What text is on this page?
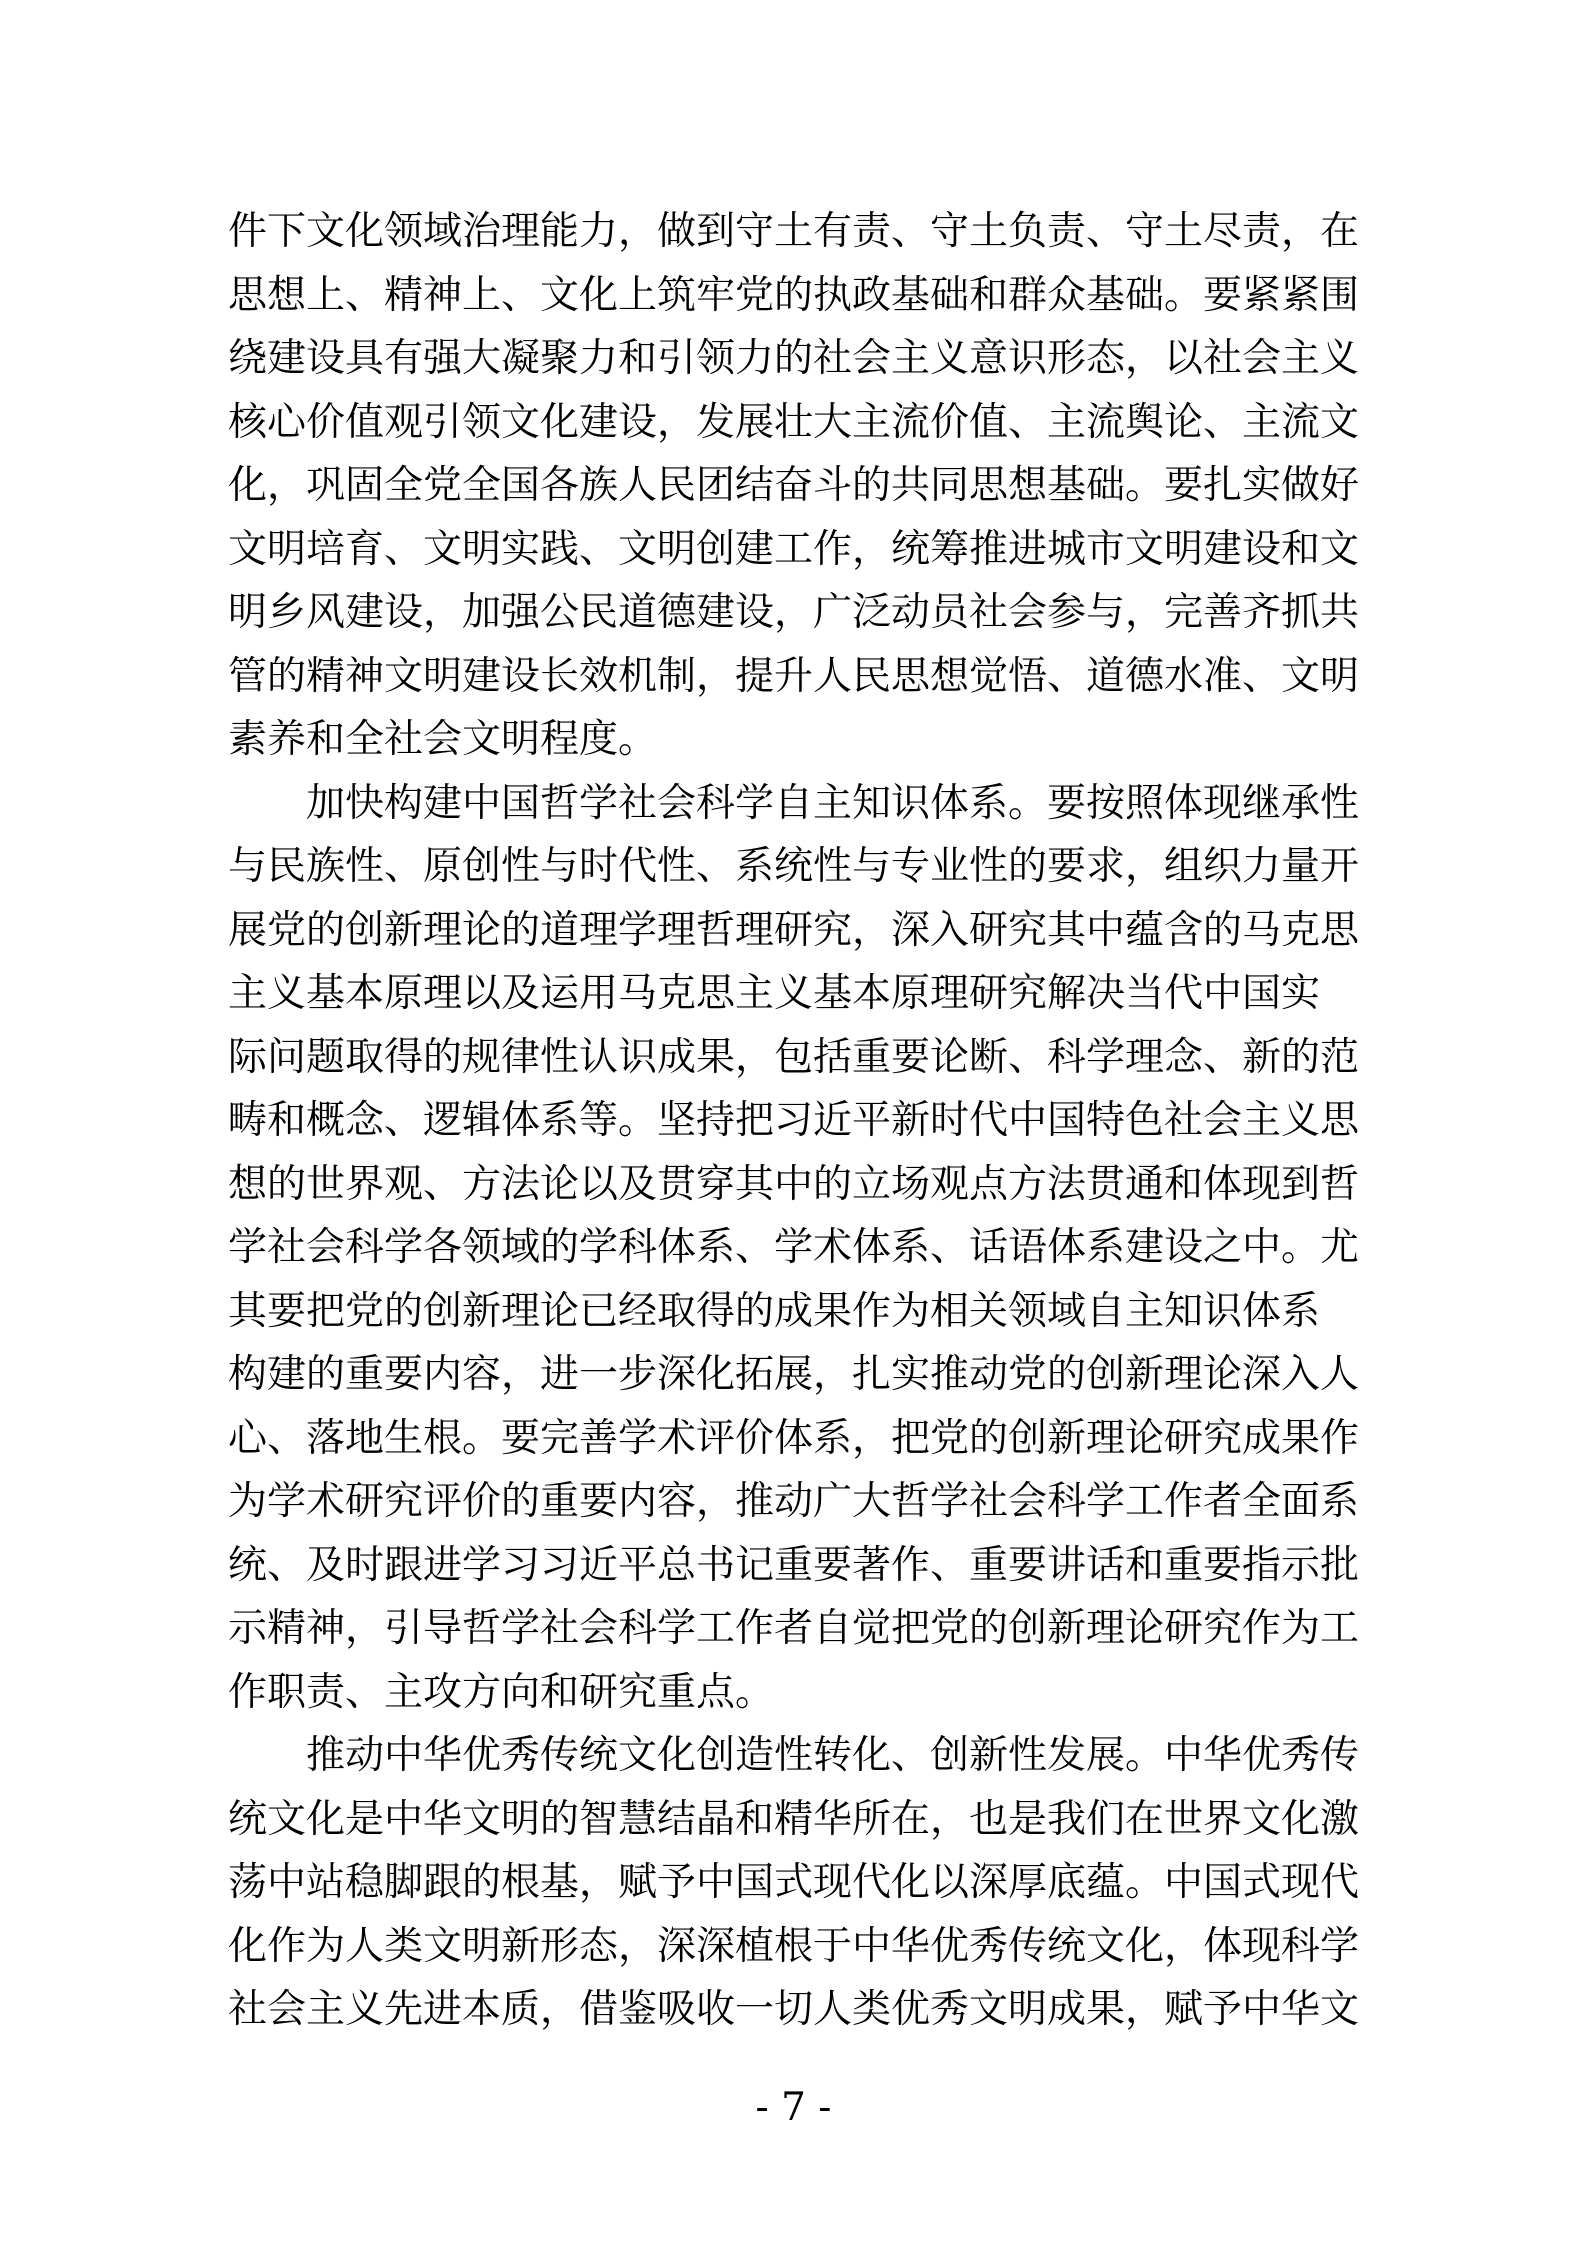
件下文化领域治理能力，做到守土有责、守土负责、守土尽责，在
思想上、精神上、文化上筑牢党的执政基础和群众基础。要紧紧围
绕建设具有强大凝聚力和引领力的社会主义意识形态，以社会主义
核心价值观引领文化建设，发展壮大主流价值、主流舆论、主流文
化，巩固全党全国各族人民团结奋斗的共同思想基础。要扎实做好
文明培育、文明实践、文明创建工作，统筹推进城市文明建设和文
明乡风建设，加强公民道德建设，广泛动员社会参与，完善齐抓共
管的精神文明建设长效机制，提升人民思想觉悟、道德水准、文明
素养和全社会文明程度。
加快构建中国哲学社会科学自主知识体系。要按照体现继承性
与民族性、原创性与时代性、系统性与专业性的要求，组织力量开
展党的创新理论的道理学理哲理研究，深入研究其中蕴含的马克思
主义基本原理以及运用马克思主义基本原理研究解决当代中国实
际问题取得的规律性认识成果，包括重要论断、科学理念、新的范
畴和概念、逻辑体系等。坚持把习近平新时代中国特色社会主义思
想的世界观、方法论以及贯穿其中的立场观点方法贯通和体现到哲
学社会科学各领域的学科体系、学术体系、话语体系建设之中。尤
其要把党的创新理论已经取得的成果作为相关领域自主知识体系
构建的重要内容，进一步深化拓展，扎实推动党的创新理论深入人
心、落地生根。要完善学术评价体系，把党的创新理论研究成果作
为学术研究评价的重要内容，推动广大哲学社会科学工作者全面系
统、及时跟进学习习近平总书记重要著作、重要讲话和重要指示批
示精神，引导哲学社会科学工作者自觉把党的创新理论研究作为工
作职责、主攻方向和研究重点。
推动中华优秀传统文化创造性转化、创新性发展。中华优秀传
统文化是中华文明的智慧结晶和精华所在，也是我们在世界文化激
荡中站稳脚跟的根基，赋予中国式现代化以深厚底蕴。中国式现代
化作为人类文明新形态，深深植根于中华优秀传统文化，体现科学
社会主义先进本质，借鉴吸收一切人类优秀文明成果，赋予中华文
- 7 -
